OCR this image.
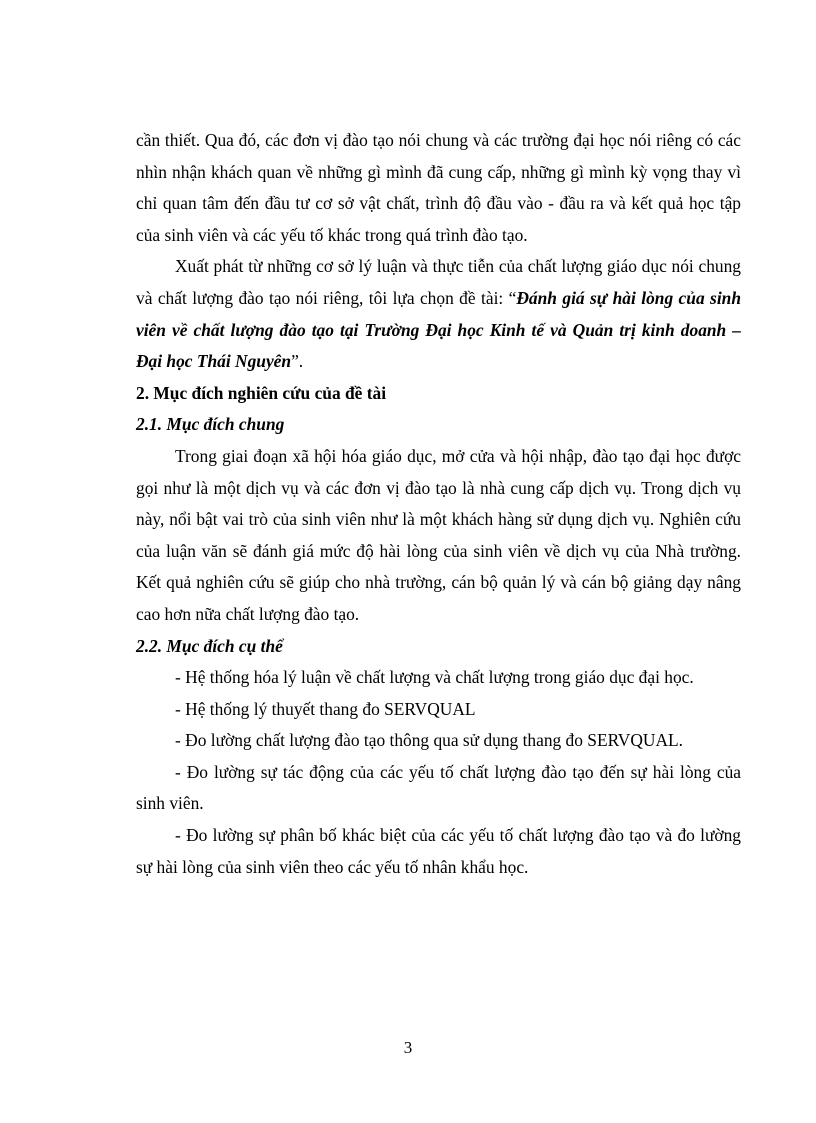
cần thiết. Qua đó, các đơn vị đào tạo nói chung và các trường đại học nói riêng có các nhìn nhận khách quan về những gì mình đã cung cấp, những gì mình kỳ vọng thay vì chỉ quan tâm đến đầu tư cơ sở vật chất, trình độ đầu vào - đầu ra và kết quả học tập của sinh viên và các yếu tố khác trong quá trình đào tạo.

Xuất phát từ những cơ sở lý luận và thực tiễn của chất lượng giáo dục nói chung và chất lượng đào tạo nói riêng, tôi lựa chọn đề tài: “Đánh giá sự hài lòng của sinh viên về chất lượng đào tạo tại Trường Đại học Kinh tế và Quản trị kinh doanh – Đại học Thái Nguyên”.

2. Mục đích nghiên cứu của đề tài

2.1. Mục đích chung

Trong giai đoạn xã hội hóa giáo dục, mở cửa và hội nhập, đào tạo đại học được gọi như là một dịch vụ và các đơn vị đào tạo là nhà cung cấp dịch vụ. Trong dịch vụ này, nổi bật vai trò của sinh viên như là một khách hàng sử dụng dịch vụ. Nghiên cứu của luận văn sẽ đánh giá mức độ hài lòng của sinh viên về dịch vụ của Nhà trường. Kết quả nghiên cứu sẽ giúp cho nhà trường, cán bộ quản lý và cán bộ giảng dạy nâng cao hơn nữa chất lượng đào tạo.

2.2. Mục đích cụ thể

- Hệ thống hóa lý luận về chất lượng và chất lượng trong giáo dục đại học.

- Hệ thống lý thuyết thang đo SERVQUAL

- Đo lường chất lượng đào tạo thông qua sử dụng thang đo SERVQUAL.

- Đo lường sự tác động của các yếu tố chất lượng đào tạo đến sự hài lòng của sinh viên.

- Đo lường sự phân bố khác biệt của các yếu tố chất lượng đào tạo và đo lường sự hài lòng của sinh viên theo các yếu tố nhân khẩu học.

3
